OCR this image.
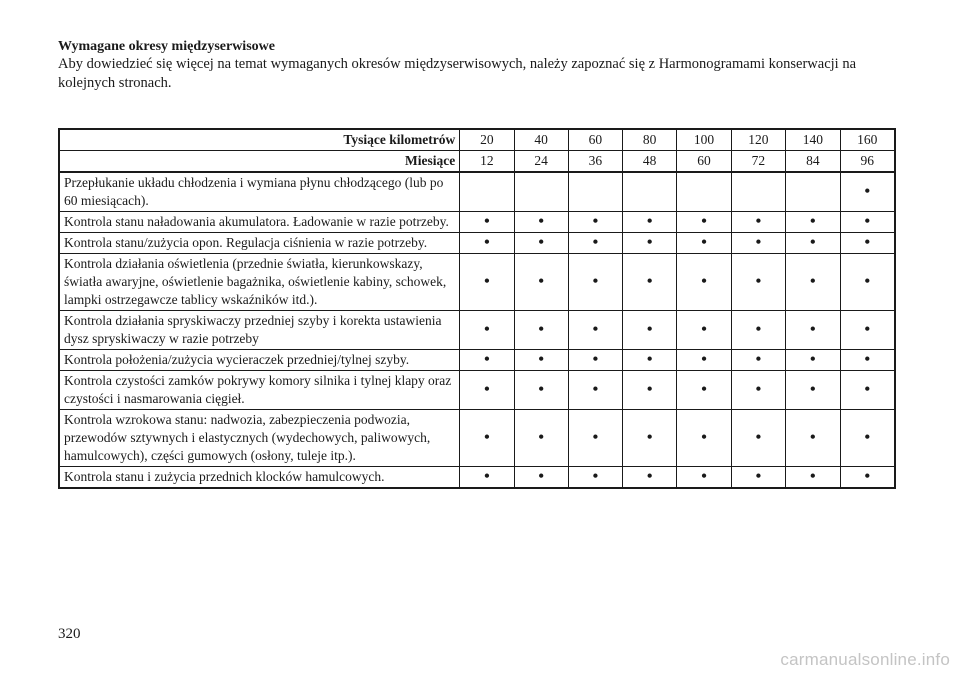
Wymagane okresy międzyserwisowe
Aby dowiedzieć się więcej na temat wymaganych okresów międzyserwisowych, należy zapoznać się z Harmonogramami konserwacji na kolejnych stronach.
Tysiące kilometrów	20	40	60	80	100	120	140	160
Miesiące	12	24	36	48	60	72	84	96
Przepłukanie układu chłodzenia i wymiana płynu chłodzącego (lub po 60 miesiącach).								•
Kontrola stanu naładowania akumulatora. Ładowanie w razie potrzeby.	•	•	•	•	•	•	•	•
Kontrola stanu/zużycia opon. Regulacja ciśnienia w razie potrzeby.	•	•	•	•	•	•	•	•
Kontrola działania oświetlenia (przednie światła, kierunkowskazy, światła awaryjne, oświetlenie bagażnika, oświetlenie kabiny, schowek, lampki ostrzegawcze tablicy wskaźników itd.).	•	•	•	•	•	•	•	•
Kontrola działania spryskiwaczy przedniej szyby i korekta ustawienia dysz spryskiwaczy w razie potrzeby	•	•	•	•	•	•	•	•
Kontrola położenia/zużycia wycieraczek przedniej/tylnej szyby.	•	•	•	•	•	•	•	•
Kontrola czystości zamków pokrywy komory silnika i tylnej klapy oraz czystości i nasmarowania cięgieł.	•	•	•	•	•	•	•	•
Kontrola wzrokowa stanu: nadwozia, zabezpieczenia podwozia, przewodów sztywnych i elastycznych (wydechowych, paliwowych, hamulcowych), części gumowych (osłony, tuleje itp.).	•	•	•	•	•	•	•	•
Kontrola stanu i zużycia przednich klocków hamulcowych.	•	•	•	•	•	•	•	•
320
carmanualsonline.info
